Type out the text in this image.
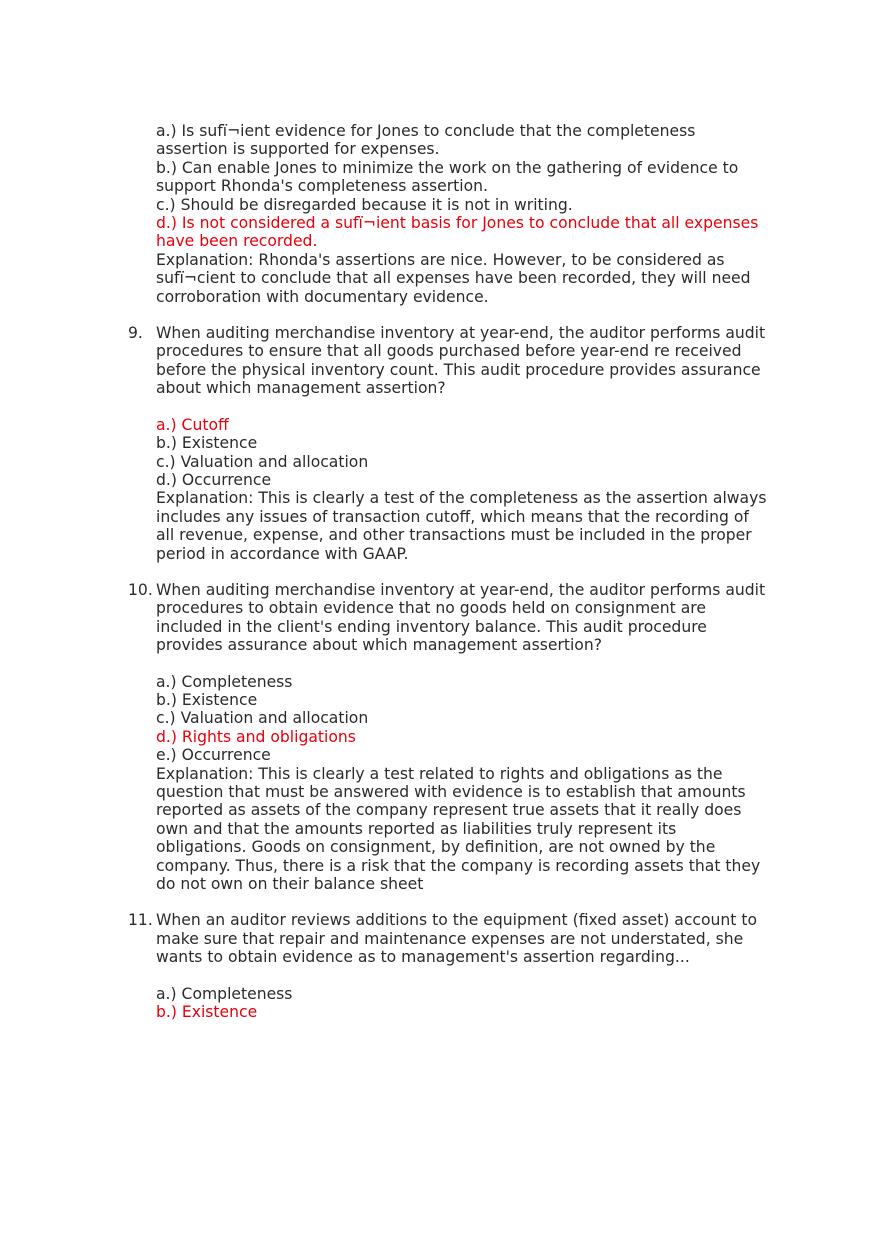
a.) Is sufï¬ient evidence for Jones to conclude that the completeness
assertion is supported for expenses.
b.) Can enable Jones to minimize the work on the gathering of evidence to
support Rhonda's completeness assertion.
c.) Should be disregarded because it is not in writing.
d.) Is not considered a sufï¬ient basis for Jones to conclude that all expenses
have been recorded.
Explanation: Rhonda's assertions are nice. However, to be considered as
sufï¬cient to conclude that all expenses have been recorded, they will need
corroboration with documentary evidence.
9. When auditing merchandise inventory at year-end, the auditor performs audit
procedures to ensure that all goods purchased before year-end re received
before the physical inventory count. This audit procedure provides assurance
about which management assertion?
a.) Cutoff
b.) Existence
c.) Valuation and allocation
d.) Occurrence
Explanation: This is clearly a test of the completeness as the assertion always
includes any issues of transaction cutoff, which means that the recording of
all revenue, expense, and other transactions must be included in the proper
period in accordance with GAAP.
10. When auditing merchandise inventory at year-end, the auditor performs audit
procedures to obtain evidence that no goods held on consignment are
included in the client's ending inventory balance. This audit procedure
provides assurance about which management assertion?
a.) Completeness
b.) Existence
c.) Valuation and allocation
d.) Rights and obligations
e.) Occurrence
Explanation: This is clearly a test related to rights and obligations as the
question that must be answered with evidence is to establish that amounts
reported as assets of the company represent true assets that it really does
own and that the amounts reported as liabilities truly represent its
obligations. Goods on consignment, by definition, are not owned by the
company. Thus, there is a risk that the company is recording assets that they
do not own on their balance sheet
11. When an auditor reviews additions to the equipment (fixed asset) account to
make sure that repair and maintenance expenses are not understated, she
wants to obtain evidence as to management's assertion regarding...
a.) Completeness
b.) Existence
